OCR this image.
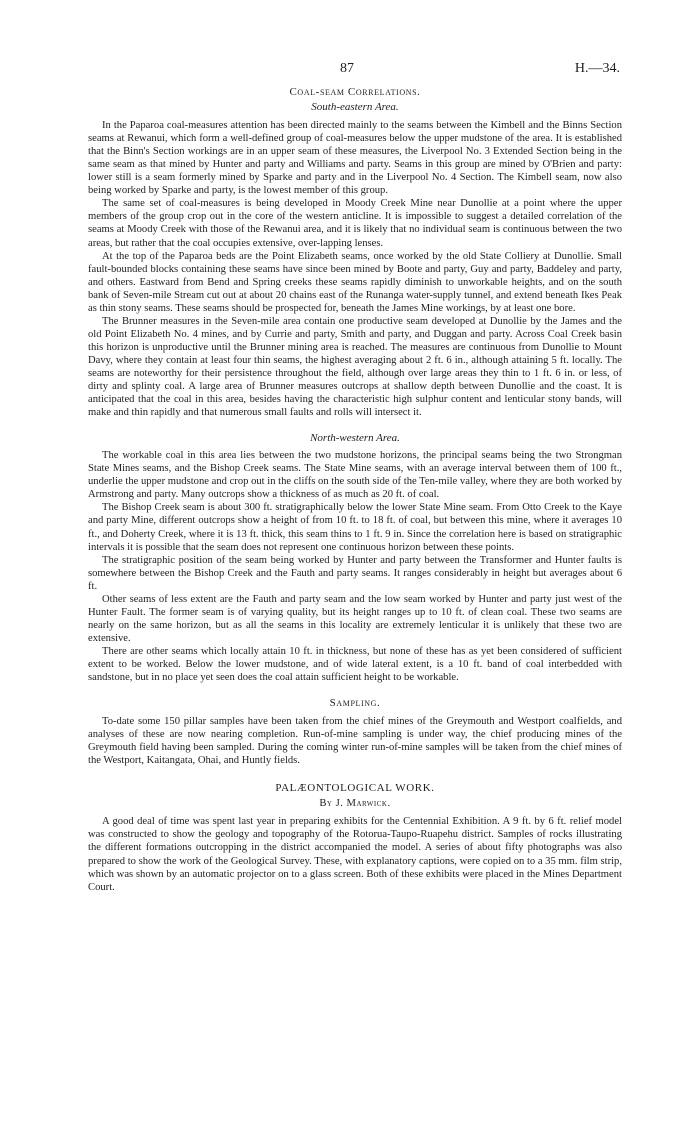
87	H.—34.
Coal-seam Correlations.
South-eastern Area.

In the Paparoa coal-measures attention has been directed mainly to the seams between the Kimbell and the Binns Section seams at Rewanui, which form a well-defined group of coal-measures below the upper mudstone of the area. It is established that the Binn's Section workings are in an upper seam of these measures, the Liverpool No. 3 Extended Section being in the same seam as that mined by Hunter and party and Williams and party. Seams in this group are mined by O'Brien and party: lower still is a seam formerly mined by Sparke and party and in the Liverpool No. 4 Section. The Kimbell seam, now also being worked by Sparke and party, is the lowest member of this group.

The same set of coal-measures is being developed in Moody Creek Mine near Dunollie at a point where the upper members of the group crop out in the core of the western anticline. It is impossible to suggest a detailed correlation of the seams at Moody Creek with those of the Rewanui area, and it is likely that no individual seam is continuous between the two areas, but rather that the coal occupies extensive, over-lapping lenses.

At the top of the Paparoa beds are the Point Elizabeth seams, once worked by the old State Colliery at Dunollie. Small fault-bounded blocks containing these seams have since been mined by Boote and party, Guy and party, Baddeley and party, and others. Eastward from Bend and Spring creeks these seams rapidly diminish to unworkable heights, and on the south bank of Seven-mile Stream cut out at about 20 chains east of the Runanga water-supply tunnel, and extend beneath Ikes Peak as thin stony seams. These seams should be prospected for, beneath the James Mine workings, by at least one bore.

The Brunner measures in the Seven-mile area contain one productive seam developed at Dunollie by the James and the old Point Elizabeth No. 4 mines, and by Currie and party, Smith and party, and Duggan and party. Across Coal Creek basin this horizon is unproductive until the Brunner mining area is reached. The measures are continuous from Dunollie to Mount Davy, where they contain at least four thin seams, the highest averaging about 2 ft. 6 in., although attaining 5 ft. locally. The seams are noteworthy for their persistence throughout the field, although over large areas they thin to 1 ft. 6 in. or less, of dirty and splinty coal. A large area of Brunner measures outcrops at shallow depth between Dunollie and the coast. It is anticipated that the coal in this area, besides having the characteristic high sulphur content and lenticular stony bands, will make and thin rapidly and that numerous small faults and rolls will intersect it.

North-western Area.

The workable coal in this area lies between the two mudstone horizons, the principal seams being the two Strongman State Mines seams, and the Bishop Creek seams. The State Mine seams, with an average interval between them of 100 ft., underlie the upper mudstone and crop out in the cliffs on the south side of the Ten-mile valley, where they are both worked by Armstrong and party. Many outcrops show a thickness of as much as 20 ft. of coal.

The Bishop Creek seam is about 300 ft. stratigraphically below the lower State Mine seam. From Otto Creek to the Kaye and party Mine, different outcrops show a height of from 10 ft. to 18 ft. of coal, but between this mine, where it averages 10 ft., and Doherty Creek, where it is 13 ft. thick, this seam thins to 1 ft. 9 in. Since the correlation here is based on stratigraphic intervals it is possible that the seam does not represent one continuous horizon between these points.

The stratigraphic position of the seam being worked by Hunter and party between the Transformer and Hunter faults is somewhere between the Bishop Creek and the Fauth and party seams. It ranges considerably in height but averages about 6 ft.

Other seams of less extent are the Fauth and party seam and the low seam worked by Hunter and party just west of the Hunter Fault. The former seam is of varying quality, but its height ranges up to 10 ft. of clean coal. These two seams are nearly on the same horizon, but as all the seams in this locality are extremely lenticular it is unlikely that these two are extensive.

There are other seams which locally attain 10 ft. in thickness, but none of these has as yet been considered of sufficient extent to be worked. Below the lower mudstone, and of wide lateral extent, is a 10 ft. band of coal interbedded with sandstone, but in no place yet seen does the coal attain sufficient height to be workable.

Sampling.

To-date some 150 pillar samples have been taken from the chief mines of the Greymouth and Westport coalfields, and analyses of these are now nearing completion. Run-of-mine sampling is under way, the chief producing mines of the Greymouth field having been sampled. During the coming winter run-of-mine samples will be taken from the chief mines of the Westport, Kaitangata, Ohai, and Huntly fields.

PALÆONTOLOGICAL WORK.

By J. Marwick.

A good deal of time was spent last year in preparing exhibits for the Centennial Exhibition. A 9 ft. by 6 ft. relief model was constructed to show the geology and topography of the Rotorua-Taupo-Ruapehu district. Samples of rocks illustrating the different formations outcropping in the district accompanied the model. A series of about fifty photographs was also prepared to show the work of the Geological Survey. These, with explanatory captions, were copied on to a 35 mm. film strip, which was shown by an automatic projector on to a glass screen. Both of these exhibits were placed in the Mines Department Court.
